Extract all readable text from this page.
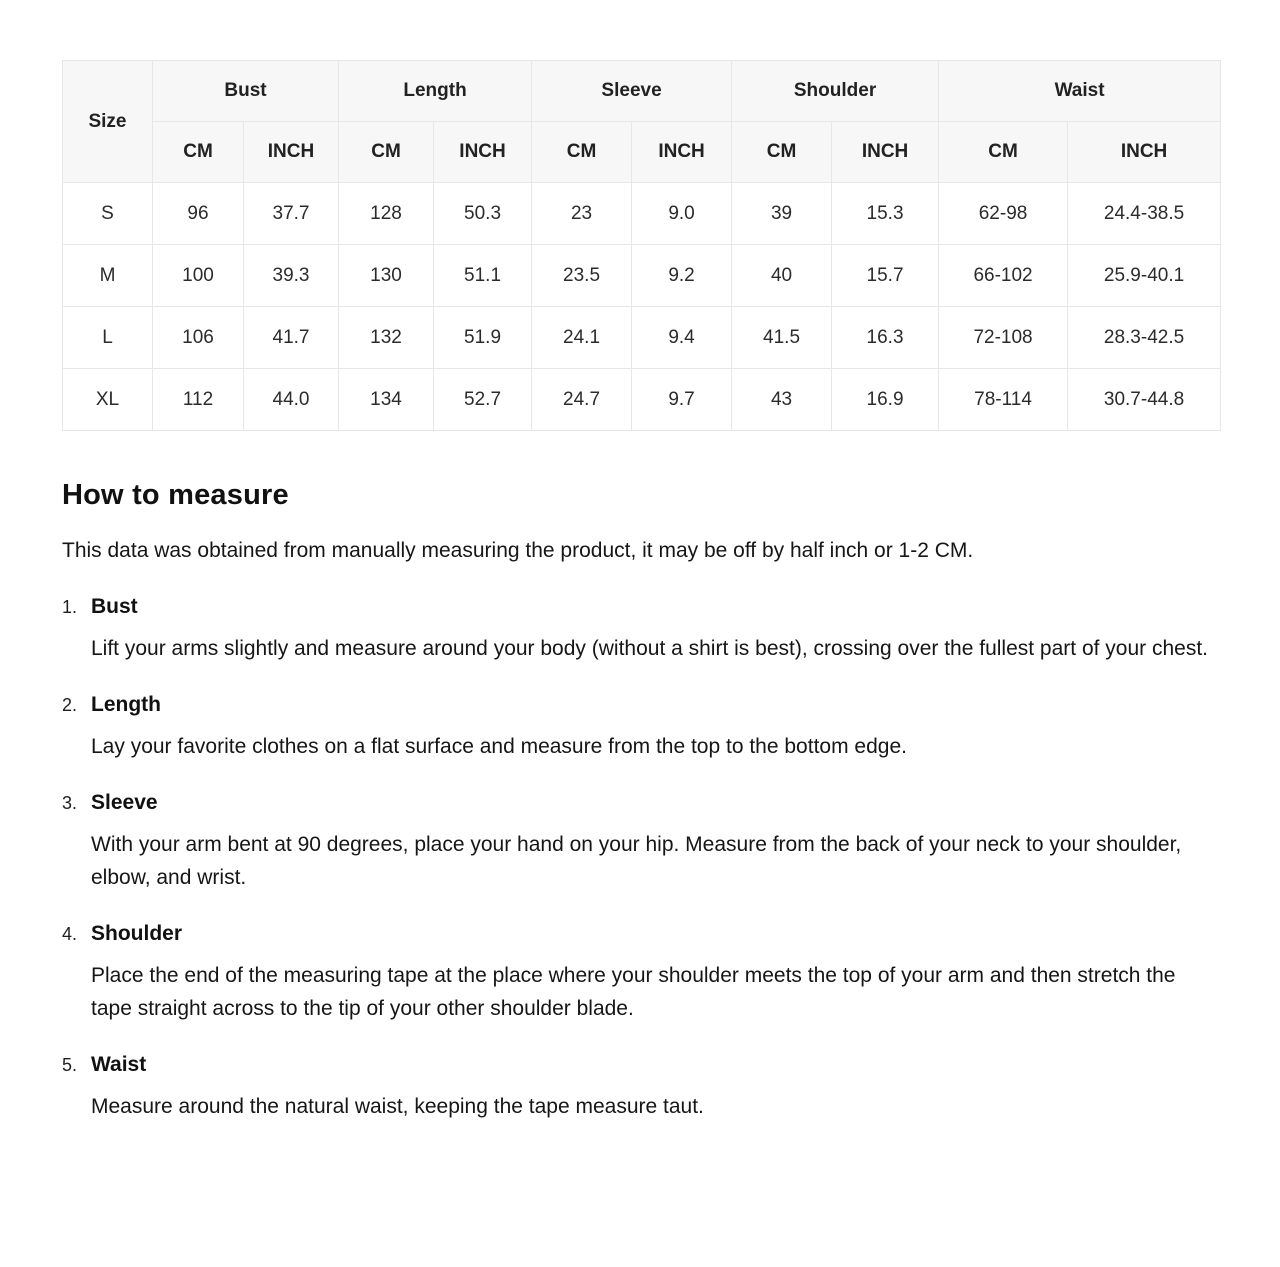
Size	Bust		Length		Sleeve		Shoulder		Waist	
	CM	INCH	CM	INCH	CM	INCH	CM	INCH	CM	INCH
S	96	37.7	128	50.3	23	9.0	39	15.3	62-98	24.4-38.5
M	100	39.3	130	51.1	23.5	9.2	40	15.7	66-102	25.9-40.1
L	106	41.7	132	51.9	24.1	9.4	41.5	16.3	72-108	28.3-42.5
XL	112	44.0	134	52.7	24.7	9.7	43	16.9	78-114	30.7-44.8
How to measure

This data was obtained from manually measuring the product, it may be off by half inch or 1-2 CM.

1. Bust

Lift your arms slightly and measure around your body (without a shirt is best), crossing over the fullest part of your chest.

2. Length

Lay your favorite clothes on a flat surface and measure from the top to the bottom edge.

3. Sleeve

With your arm bent at 90 degrees, place your hand on your hip. Measure from the back of your neck to your shoulder, elbow, and wrist.

4. Shoulder

Place the end of the measuring tape at the place where your shoulder meets the top of your arm and then stretch the tape straight across to the tip of your other shoulder blade.

5. Waist

Measure around the natural waist, keeping the tape measure taut.
